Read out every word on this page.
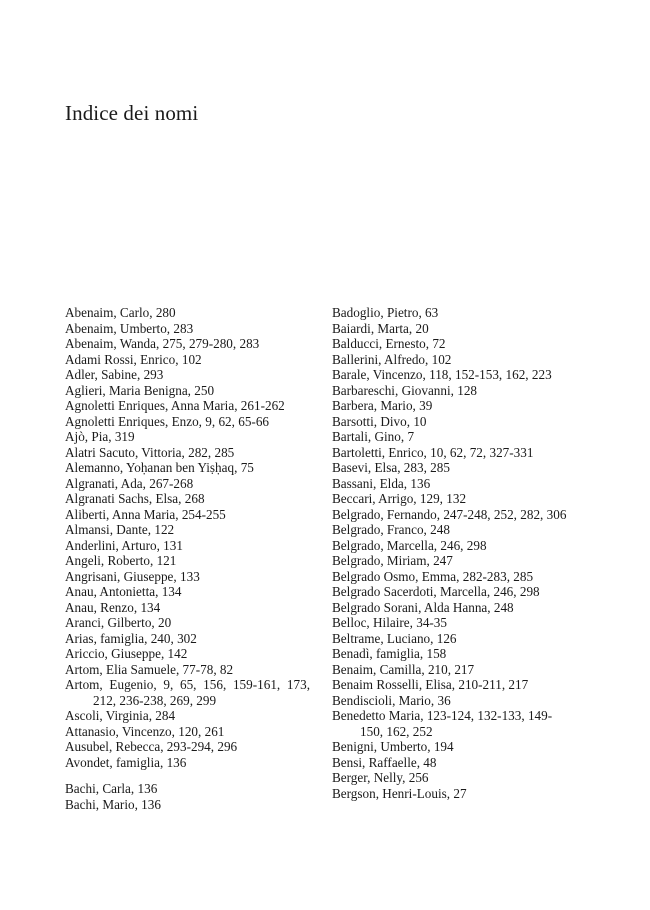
Indice dei nomi
Abenaim, Carlo, 280
Abenaim, Umberto, 283
Abenaim, Wanda, 275, 279-280, 283
Adami Rossi, Enrico, 102
Adler, Sabine, 293
Aglieri, Maria Benigna, 250
Agnoletti Enriques, Anna Maria, 261-262
Agnoletti Enriques, Enzo, 9, 62, 65-66
Ajò, Pia, 319
Alatri Sacuto, Vittoria, 282, 285
Alemanno, Yoḥanan ben Yiṣḥaq, 75
Algranati, Ada, 267-268
Algranati Sachs, Elsa, 268
Aliberti, Anna Maria, 254-255
Almansi, Dante, 122
Anderlini, Arturo, 131
Angeli, Roberto, 121
Angrisani, Giuseppe, 133
Anau, Antonietta, 134
Anau, Renzo, 134
Aranci, Gilberto, 20
Arias, famiglia, 240, 302
Ariccio, Giuseppe, 142
Artom, Elia Samuele, 77-78, 82
Artom, Eugenio, 9, 65, 156, 159-161, 173, 212, 236-238, 269, 299
Ascoli, Virginia, 284
Attanasio, Vincenzo, 120, 261
Ausubel, Rebecca, 293-294, 296
Avondet, famiglia, 136
Bachi, Carla, 136
Bachi, Mario, 136
Badoglio, Pietro, 63
Baiardi, Marta, 20
Balducci, Ernesto, 72
Ballerini, Alfredo, 102
Barale, Vincenzo, 118, 152-153, 162, 223
Barbareschi, Giovanni, 128
Barbera, Mario, 39
Barsotti, Divo, 10
Bartali, Gino, 7
Bartoletti, Enrico, 10, 62, 72, 327-331
Basevi, Elsa, 283, 285
Bassani, Elda, 136
Beccari, Arrigo, 129, 132
Belgrado, Fernando, 247-248, 252, 282, 306
Belgrado, Franco, 248
Belgrado, Marcella, 246, 298
Belgrado, Miriam, 247
Belgrado Osmo, Emma, 282-283, 285
Belgrado Sacerdoti, Marcella, 246, 298
Belgrado Sorani, Alda Hanna, 248
Belloc, Hilaire, 34-35
Beltrame, Luciano, 126
Benadì, famiglia, 158
Benaim, Camilla, 210, 217
Benaim Rosselli, Elisa, 210-211, 217
Bendiscioli, Mario, 36
Benedetto Maria, 123-124, 132-133, 149-150, 162, 252
Benigni, Umberto, 194
Bensi, Raffaelle, 48
Berger, Nelly, 256
Bergson, Henri-Louis, 27
